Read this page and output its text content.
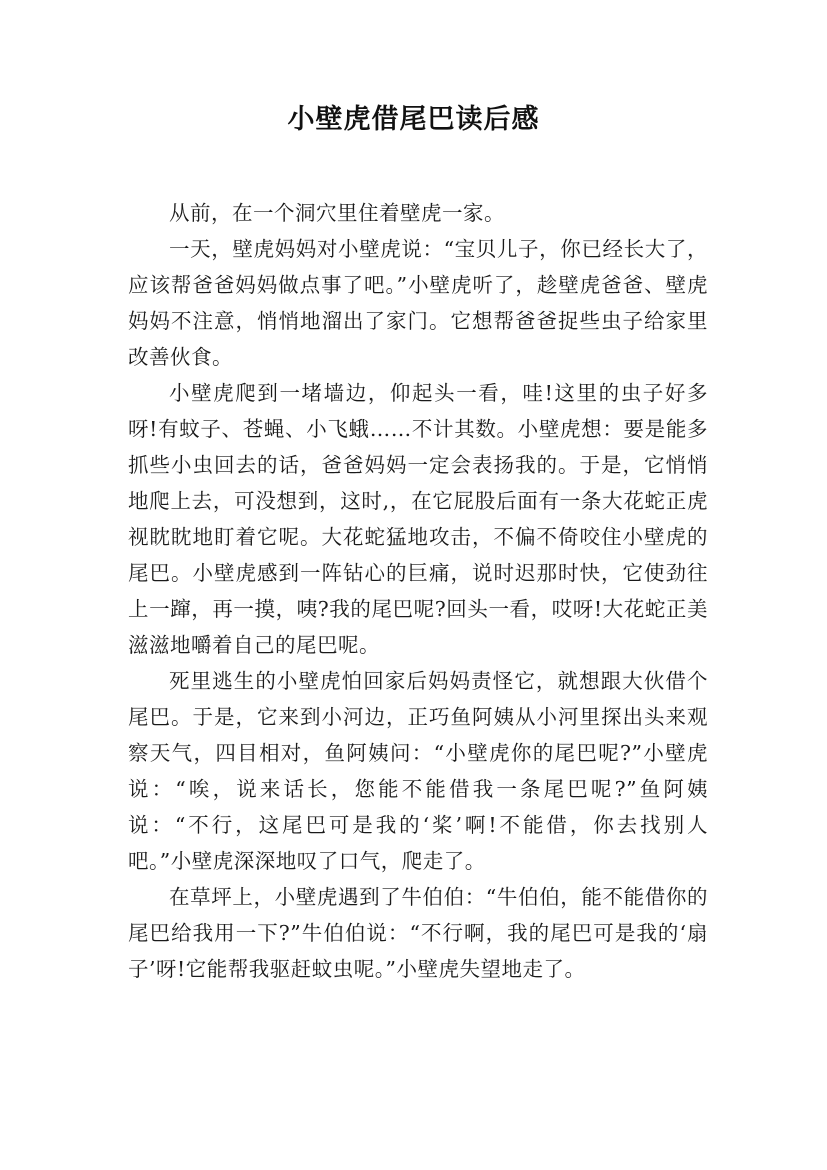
小壁虎借尾巴读后感

从前，在一个洞穴里住着壁虎一家。

一天，壁虎妈妈对小壁虎说：“宝贝儿子，你已经长大了，应该帮爸爸妈妈做点事了吧。”小壁虎听了，趁壁虎爸爸、壁虎妈妈不注意，悄悄地溜出了家门。它想帮爸爸捉些虫子给家里改善伙食。

小壁虎爬到一堵墙边，仰起头一看，哇!这里的虫子好多呀!有蚊子、苍蝇、小飞蛾……不计其数。小壁虎想：要是能多抓些小虫回去的话，爸爸妈妈一定会表扬我的。于是，它悄悄地爬上去，可没想到，这时,，在它屁股后面有一条大花蛇正虎视眈眈地盯着它呢。大花蛇猛地攻击，不偏不倚咬住小壁虎的尾巴。小壁虎感到一阵钻心的巨痛，说时迟那时快，它使劲往上一蹿，再一摸，咦?我的尾巴呢?回头一看，哎呀!大花蛇正美滋滋地嚼着自己的尾巴呢。

死里逃生的小壁虎怕回家后妈妈责怪它，就想跟大伙借个尾巴。于是，它来到小河边，正巧鱼阿姨从小河里探出头来观察天气，四目相对，鱼阿姨问：“小壁虎你的尾巴呢?”小壁虎说：“唉，说来话长，您能不能借我一条尾巴呢?”鱼阿姨说：“不行，这尾巴可是我的‘桨’啊!不能借，你去找别人吧。”小壁虎深深地叹了口气，爬走了。

在草坪上，小壁虎遇到了牛伯伯：“牛伯伯，能不能借你的尾巴给我用一下?”牛伯伯说：“不行啊，我的尾巴可是我的‘扇子’呀!它能帮我驱赶蚊虫呢。”小壁虎失望地走了。
